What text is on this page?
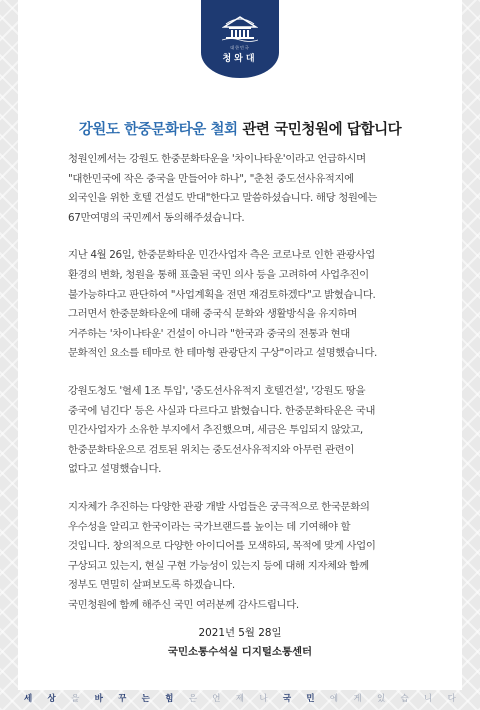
대한민국
청와대
강원도 한중문화타운 철회 관련 국민청원에 답합니다
청원인께서는 강원도 한중문화타운을 '차이나타운'이라고 언급하시며
"대한민국에 작은 중국을 만들어야 하나", "춘천 중도선사유적지에
외국인을 위한 호텔 건설도 반대"한다고 말씀하셨습니다. 해당 청원에는
67만여명의 국민께서 동의해주셨습니다.
지난 4월 26일, 한중문화타운 민간사업자 측은 코로나로 인한 관광사업
환경의 변화, 청원을 통해 표출된 국민 의사 등을 고려하여 사업추진이
불가능하다고 판단하여 "사업계획을 전면 재검토하겠다"고 밝혔습니다.
그러면서 한중문화타운에 대해 중국식 문화와 생활방식을 유지하며
거주하는 '차이나타운' 건설이 아니라 "한국과 중국의 전통과 현대
문화적인 요소를 테마로 한 테마형 관광단지 구상"이라고 설명했습니다.
강원도청도 '혈세 1조 투입', '중도선사유적지 호텔건설', '강원도 땅을
중국에 넘긴다' 등은 사실과 다르다고 밝혔습니다. 한중문화타운은 국내
민간사업자가 소유한 부지에서 추진했으며, 세금은 투입되지 않았고,
한중문화타운으로 검토된 위치는 중도선사유적지와 아무런 관련이
없다고 설명했습니다.
지자체가 추진하는 다양한 관광 개발 사업들은 궁극적으로 한국문화의
우수성을 알리고 한국이라는 국가브랜드를 높이는 데 기여해야 할
것입니다. 창의적으로 다양한 아이디어를 모색하되, 목적에 맞게 사업이
구상되고 있는지, 현실 구현 가능성이 있는지 등에 대해 지자체와 함께
정부도 면밀히 살펴보도록 하겠습니다.
국민청원에 함께 해주신 국민 여러분께 감사드립니다.
2021년 5월 28일
국민소통수석실 디지털소통센터
세 상 을 바 꾸 는 힘 은 언 제 나 국 민 에 게 있 습 니 다
